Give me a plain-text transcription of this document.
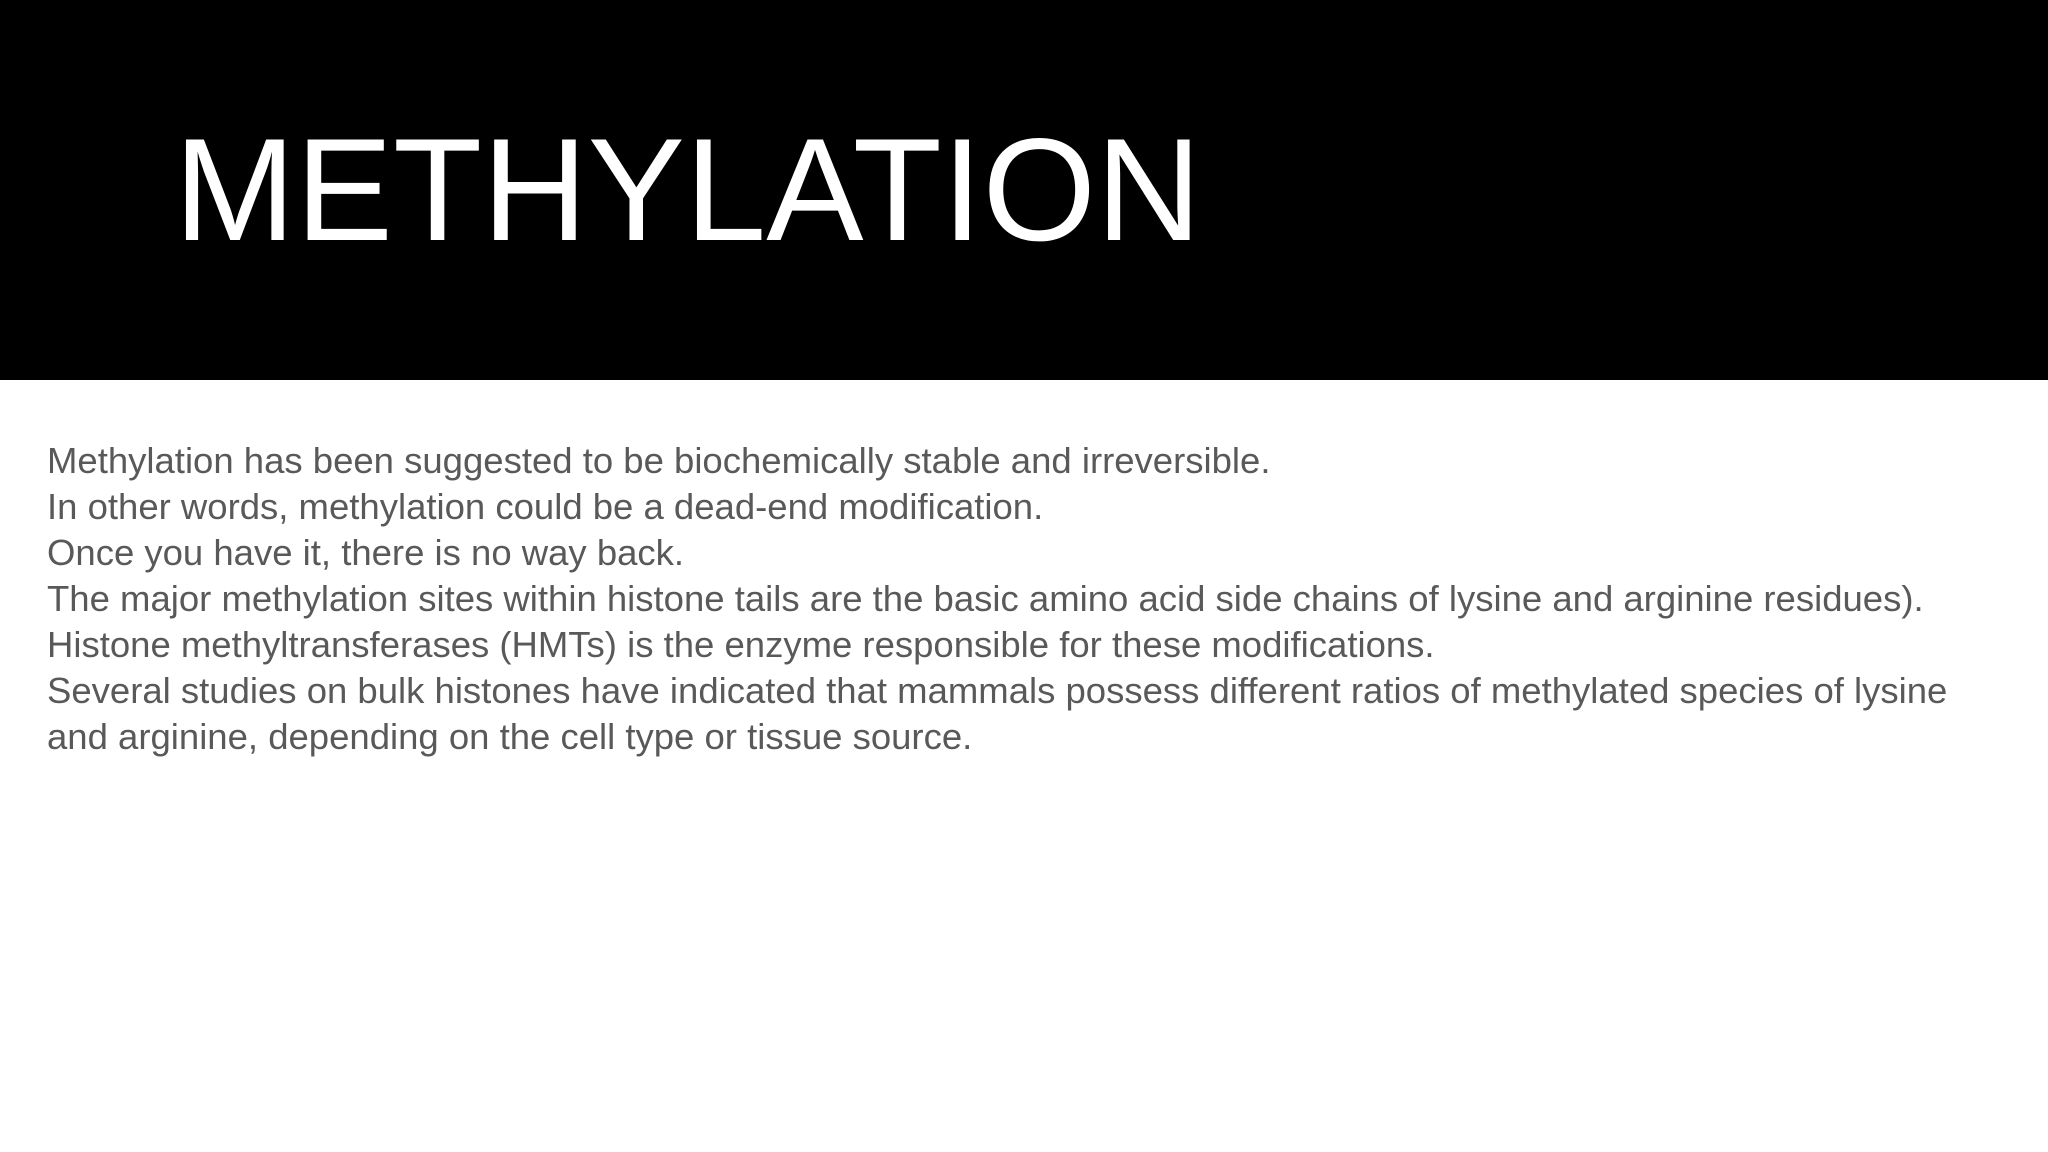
METHYLATION

Methylation has been suggested to be biochemically stable and irreversible.

In other words, methylation could be a dead-end modification.

Once you have it, there is no way back.

The major methylation sites within histone tails are the basic amino acid side chains of lysine and arginine residues).

Histone methyltransferases (HMTs) is the enzyme responsible for these modifications.

Several studies on bulk histones have indicated that mammals possess different ratios of methylated species of lysine and arginine, depending on the cell type or tissue source.
